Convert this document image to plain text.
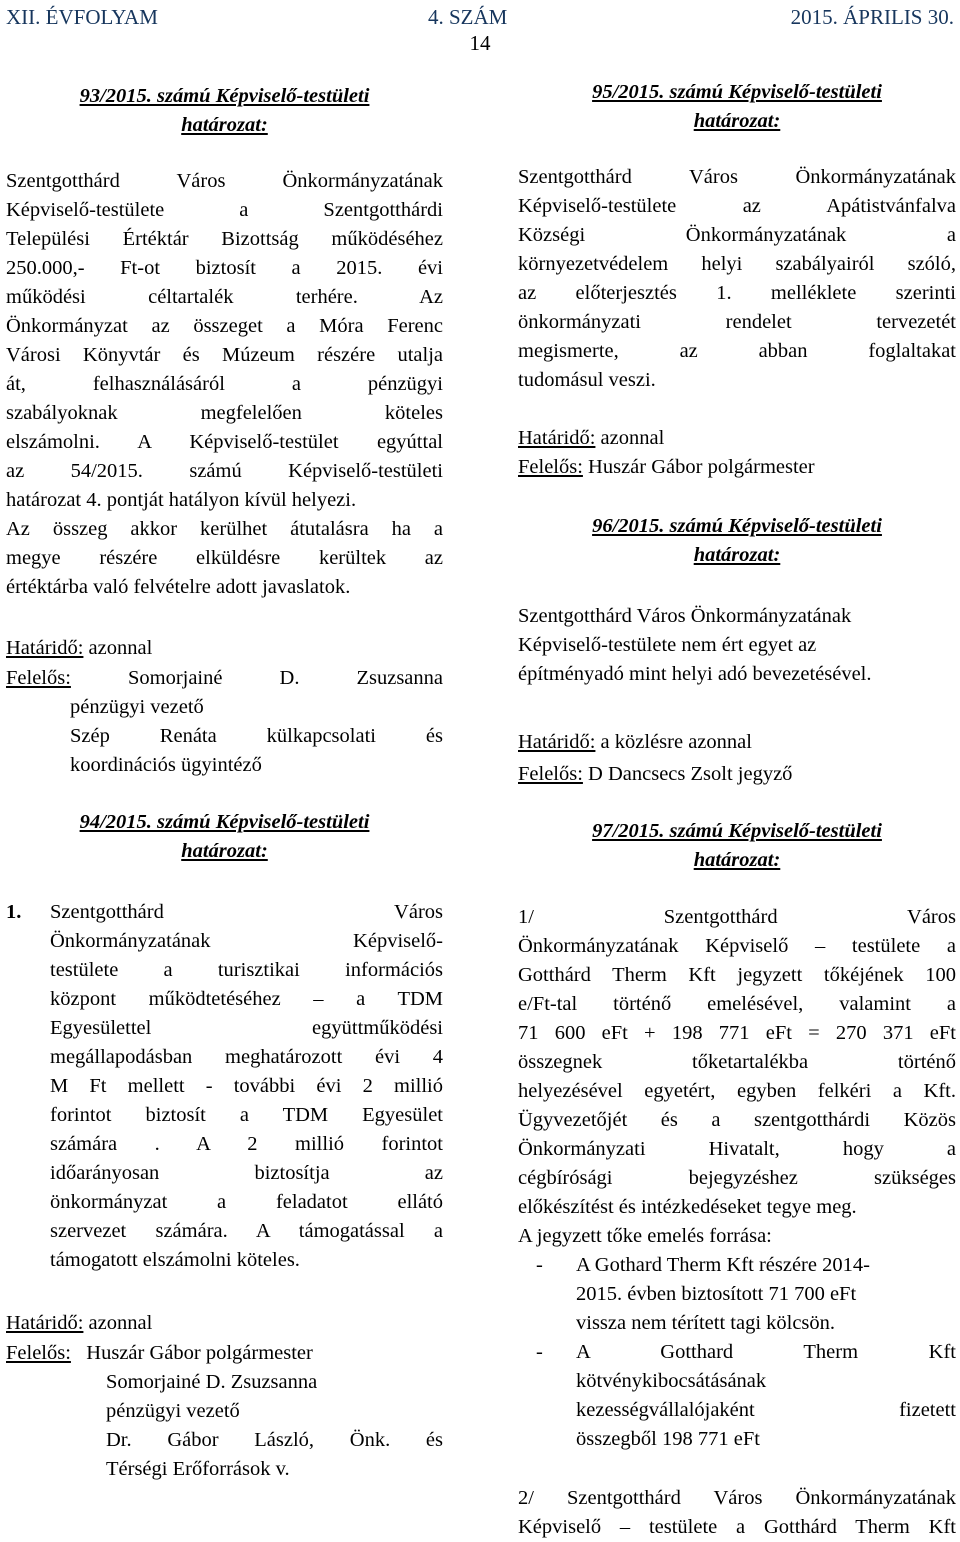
XII. ÉVFOLYAM	4. SZÁM	2015. ÁPRILIS 30.
14
93/2015. számú Képviselő-testületi
határozat:
Szentgotthárd Város Önkormányzatának
Képviselő-testülete a Szentgotthárdi
Települési Értéktár Bizottság működéséhez
250.000,- Ft-ot biztosít a 2015. évi
működési céltartalék terhére. Az
Önkormányzat az összeget a Móra Ferenc
Városi Könyvtár és Múzeum részére utalja
át, felhasználásáról a pénzügyi
szabályoknak megfelelően köteles
elszámolni. A Képviselő-testület egyúttal
az 54/2015. számú Képviselő-testületi
határozat 4. pontját hatályon kívül helyezi.
Az összeg akkor kerülhet átutalásra ha a
megye részére elküldésre kerültek az
értéktárba való felvételre adott javaslatok.
Határidő: azonnal
Felelős:	Somorjainé D. Zsuzsanna
pénzügyi vezető
Szép Renáta külkapcsolati és
koordinációs ügyintéző
94/2015. számú Képviselő-testületi
határozat:
1. Szentgotthárd Város
Önkormányzatának Képviselő-
testülete a turisztikai információs
központ működtetéséhez – a TDM
Egyesülettel együttműködési
megállapodásban meghatározott évi 4
M Ft mellett - további évi 2 millió
forintot biztosít a TDM Egyesület
számára . A 2 millió forintot
időarányosan biztosítja az
önkormányzat a feladatot ellátó
szervezet számára. A támogatással a
támogatott elszámolni köteles.
Határidő: azonnal
Felelős: Huszár Gábor polgármester
Somorjainé D. Zsuzsanna
pénzügyi vezető
Dr. Gábor László, Önk. és
Térségi Erőforrások v.
95/2015. számú Képviselő-testületi
határozat:
Szentgotthárd Város Önkormányzatának
Képviselő-testülete az Apátistvánfalva
Községi Önkormányzatának a
környezetvédelem helyi szabályairól szóló,
az előterjesztés 1. melléklete szerinti
önkormányzati rendelet tervezetét
megismerte, az abban foglaltakat
tudomásul veszi.
Határidő: azonnal
Felelős: Huszár Gábor polgármester
96/2015. számú Képviselő-testületi
határozat:
Szentgotthárd Város Önkormányzatának
Képviselő-testülete nem ért egyet az
építményadó mint helyi adó bevezetésével.
Határidő: a közlésre azonnal
Felelős: D Dancsecs Zsolt jegyző
97/2015. számú Képviselő-testületi
határozat:
1/ Szentgotthárd Város
Önkormányzatának Képviselő – testülete a
Gotthárd Therm Kft jegyzett tőkéjének 100
e/Ft-tal történő emelésével, valamint a
71 600 eFt + 198 771 eFt = 270 371 eFt
összegnek tőketartalékba történő
helyezésével egyetért, egyben felkéri a Kft.
Ügyvezetőjét és a szentgotthárdi Közös
Önkormányzati Hivatalt, hogy a
cégbírósági bejegyzéshez szükséges
előkészítést és intézkedéseket tegye meg.
A jegyzett tőke emelés forrása:
-	A Gothard Therm Kft részére 2014-
2015. évben biztosított 71 700 eFt
vissza nem térített tagi kölcsön.
-	A Gotthard Therm Kft
kötvénykibocsátásának
kezességvállalójaként fizetett
összegből 198 771 eFt
2/ Szentgotthárd Város Önkormányzatának
Képviselő – testülete a Gotthárd Therm Kft
